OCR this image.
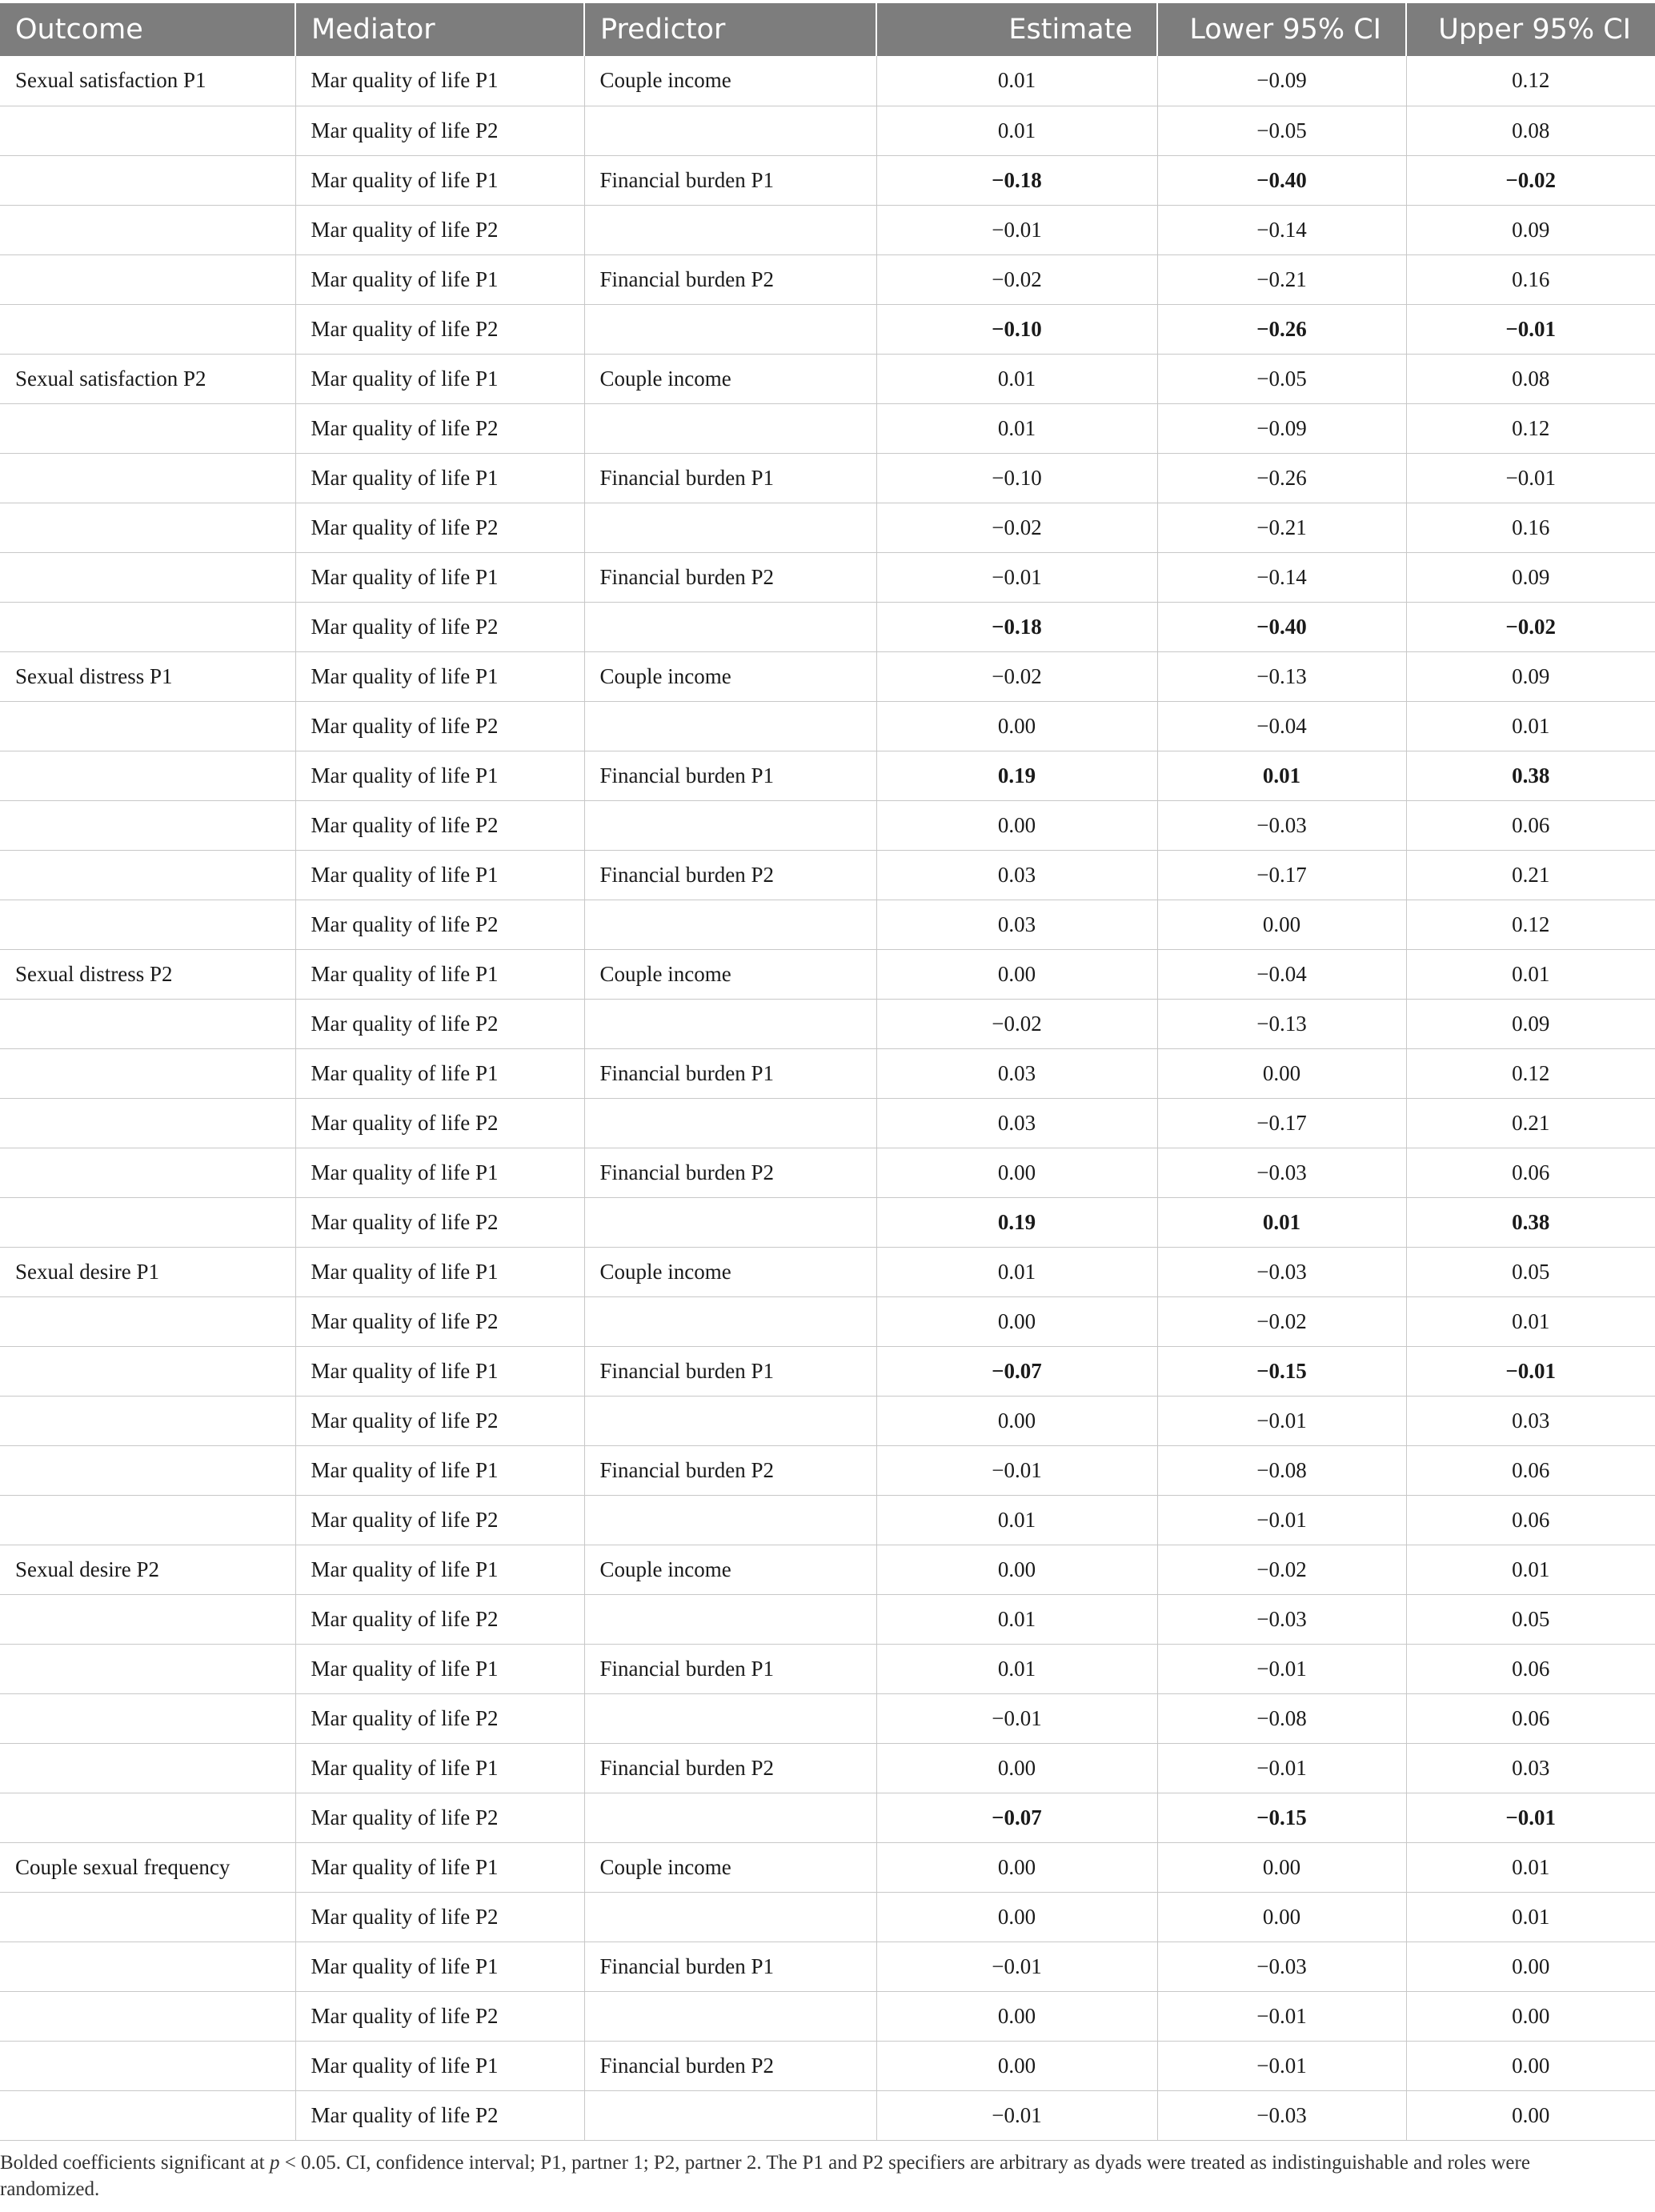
Outcome	Mediator	Predictor	Estimate	Lower 95% CI	Upper 95% CI
Sexual satisfaction P1	Mar quality of life P1	Couple income	0.01	−0.09	0.12
	Mar quality of life P2		0.01	−0.05	0.08
	Mar quality of life P1	Financial burden P1	−0.18	−0.40	−0.02
	Mar quality of life P2		−0.01	−0.14	0.09
	Mar quality of life P1	Financial burden P2	−0.02	−0.21	0.16
	Mar quality of life P2		−0.10	−0.26	−0.01
Sexual satisfaction P2	Mar quality of life P1	Couple income	0.01	−0.05	0.08
	Mar quality of life P2		0.01	−0.09	0.12
	Mar quality of life P1	Financial burden P1	−0.10	−0.26	−0.01
	Mar quality of life P2		−0.02	−0.21	0.16
	Mar quality of life P1	Financial burden P2	−0.01	−0.14	0.09
	Mar quality of life P2		−0.18	−0.40	−0.02
Sexual distress P1	Mar quality of life P1	Couple income	−0.02	−0.13	0.09
	Mar quality of life P2		0.00	−0.04	0.01
	Mar quality of life P1	Financial burden P1	0.19	0.01	0.38
	Mar quality of life P2		0.00	−0.03	0.06
	Mar quality of life P1	Financial burden P2	0.03	−0.17	0.21
	Mar quality of life P2		0.03	0.00	0.12
Sexual distress P2	Mar quality of life P1	Couple income	0.00	−0.04	0.01
	Mar quality of life P2		−0.02	−0.13	0.09
	Mar quality of life P1	Financial burden P1	0.03	0.00	0.12
	Mar quality of life P2		0.03	−0.17	0.21
	Mar quality of life P1	Financial burden P2	0.00	−0.03	0.06
	Mar quality of life P2		0.19	0.01	0.38
Sexual desire P1	Mar quality of life P1	Couple income	0.01	−0.03	0.05
	Mar quality of life P2		0.00	−0.02	0.01
	Mar quality of life P1	Financial burden P1	−0.07	−0.15	−0.01
	Mar quality of life P2		0.00	−0.01	0.03
	Mar quality of life P1	Financial burden P2	−0.01	−0.08	0.06
	Mar quality of life P2		0.01	−0.01	0.06
Sexual desire P2	Mar quality of life P1	Couple income	0.00	−0.02	0.01
	Mar quality of life P2		0.01	−0.03	0.05
	Mar quality of life P1	Financial burden P1	0.01	−0.01	0.06
	Mar quality of life P2		−0.01	−0.08	0.06
	Mar quality of life P1	Financial burden P2	0.00	−0.01	0.03
	Mar quality of life P2		−0.07	−0.15	−0.01
Couple sexual frequency	Mar quality of life P1	Couple income	0.00	0.00	0.01
	Mar quality of life P2		0.00	0.00	0.01
	Mar quality of life P1	Financial burden P1	−0.01	−0.03	0.00
	Mar quality of life P2		0.00	−0.01	0.00
	Mar quality of life P1	Financial burden P2	0.00	−0.01	0.00
	Mar quality of life P2		−0.01	−0.03	0.00
Bolded coefficients significant at p < 0.05. CI, confidence interval; P1, partner 1; P2, partner 2. The P1 and P2 specifiers are arbitrary as dyads were treated as indistinguishable and roles were randomized.
